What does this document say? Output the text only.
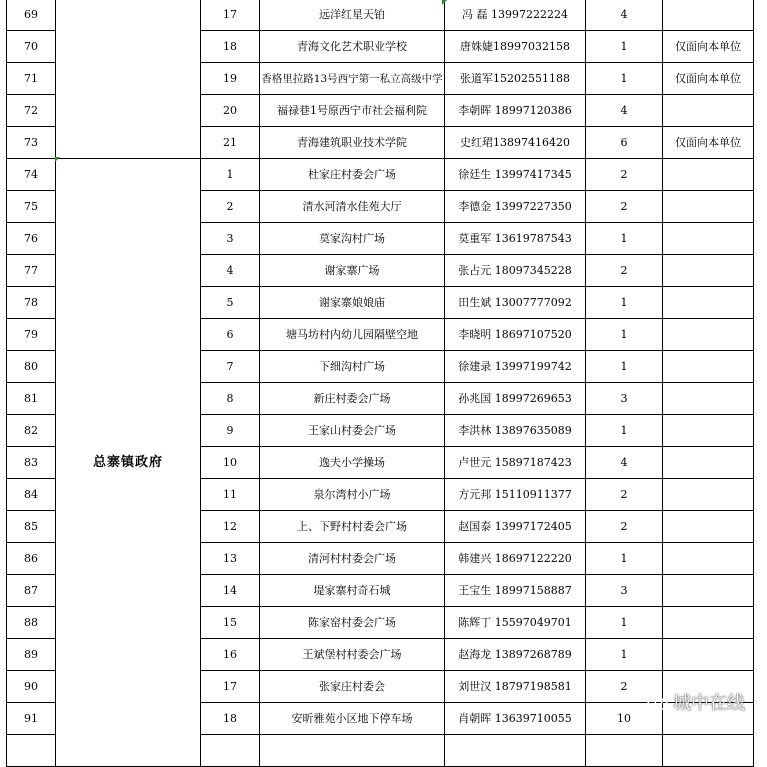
69		17	远洋红星天铂	冯 磊 13997222224	4	
70		18	青海文化艺术职业学校	唐姝婕18997032158	1	仅面向本单位
71		19	香格里拉路13号西宁第一私立高级中学	张道军15202551188	1	仅面向本单位
72		20	福禄巷1号原西宁市社会福利院	李朝晖 18997120386	4	
73		21	青海建筑职业技术学院	史红珺13897416420	6	仅面向本单位
74	总寨镇政府	1	杜家庄村委会广场	徐廷生 13997417345	2	
75		2	清水河清水佳苑大厅	李德金 13997227350	2	
76		3	莫家沟村广场	莫重军 13619787543	1	
77		4	谢家寨广场	张占元 18097345228	2	
78		5	谢家寨娘娘庙	田生斌 13007777092	1	
79		6	塘马坊村内幼儿园隔壁空地	李晓明 18697107520	1	
80		7	下细沟村广场	徐建录 13997199742	1	
81		8	新庄村委会广场	孙兆国 18997269653	3	
82		9	王家山村委会广场	李洪林 13897635089	1	
83		10	逸夫小学操场	卢世元 15897187423	4	
84		11	泉尔湾村小广场	方元邦 15110911377	2	
85		12	上、下野村村委会广场	赵国泰 13997172405	2	
86		13	清河村村委会广场	韩建兴 18697122220	1	
87		14	堤家寨村奇石城	王宝生 18997158887	3	
88		15	陈家窑村委会广场	陈辉丁 15597049701	1	
89		16	王斌堡村村委会广场	赵海龙 13897268789	1	
90		17	张家庄村委会	刘世汉 18797198581	2	
91		18	安昕雅苑小区地下停车场	肖朝晖 13639710055	10	

城中在线
